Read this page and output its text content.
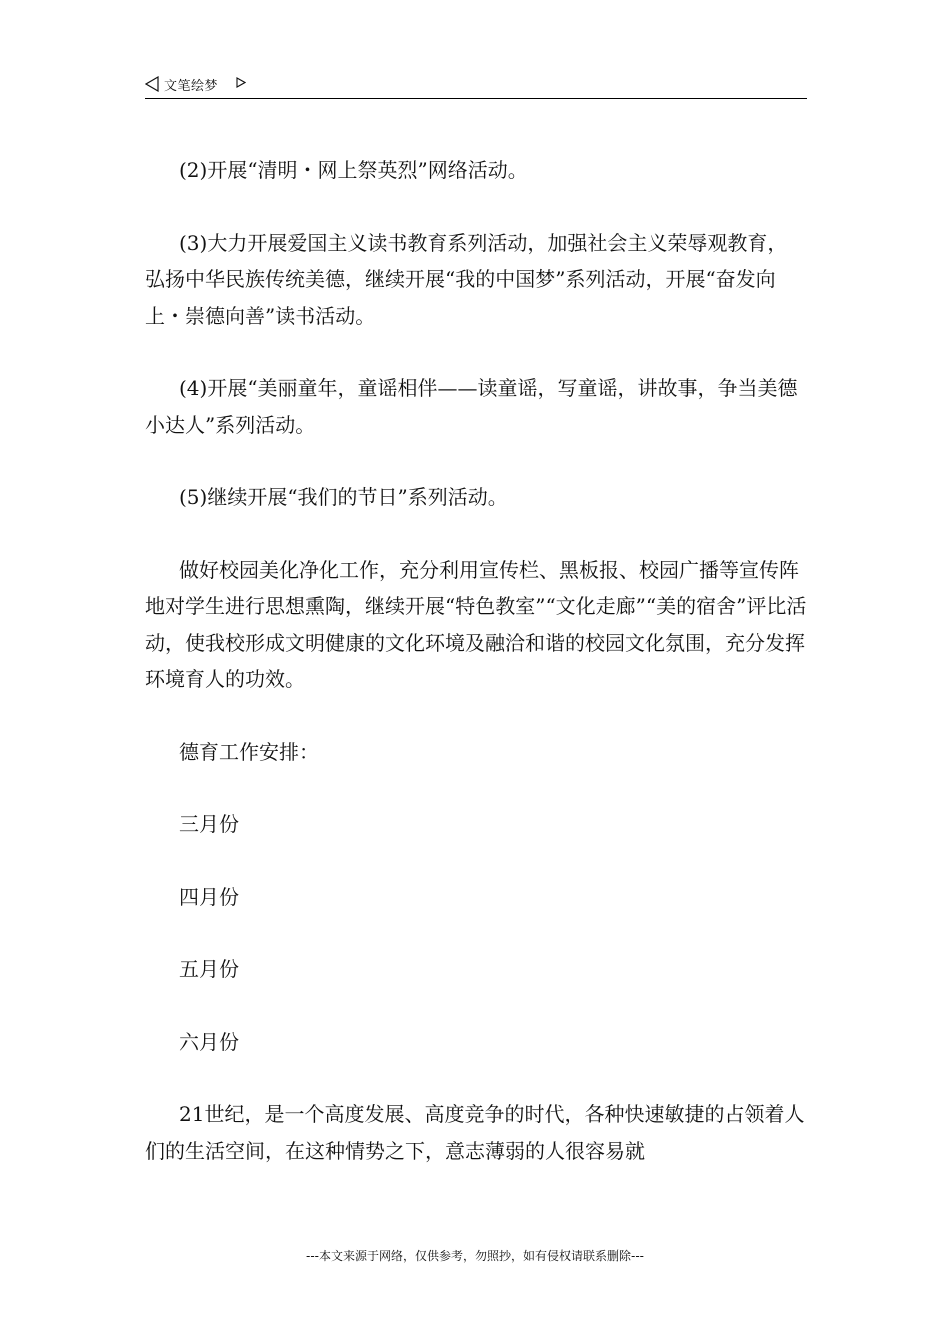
文笔绘梦

(2)开展“清明・网上祭英烈”网络活动。

(3)大力开展爱国主义读书教育系列活动，加强社会主义荣辱观教育，弘扬中华民族传统美德，继续开展“我的中国梦”系列活动，开展“奋发向上・崇德向善”读书活动。

(4)开展“美丽童年，童谣相伴——读童谣，写童谣，讲故事，争当美德小达人”系列活动。

(5)继续开展“我们的节日”系列活动。

做好校园美化净化工作，充分利用宣传栏、黑板报、校园广播等宣传阵地对学生进行思想熏陶，继续开展“特色教室”“文化走廊”“美的宿舍”评比活动，使我校形成文明健康的文化环境及融洽和谐的校园文化氛围，充分发挥环境育人的功效。

德育工作安排：

三月份

四月份

五月份

六月份

21世纪，是一个高度发展、高度竞争的时代，各种快速敏捷的占领着人们的生活空间，在这种情势之下，意志薄弱的人很容易就

---本文来源于网络，仅供参考，勿照抄，如有侵权请联系删除---
